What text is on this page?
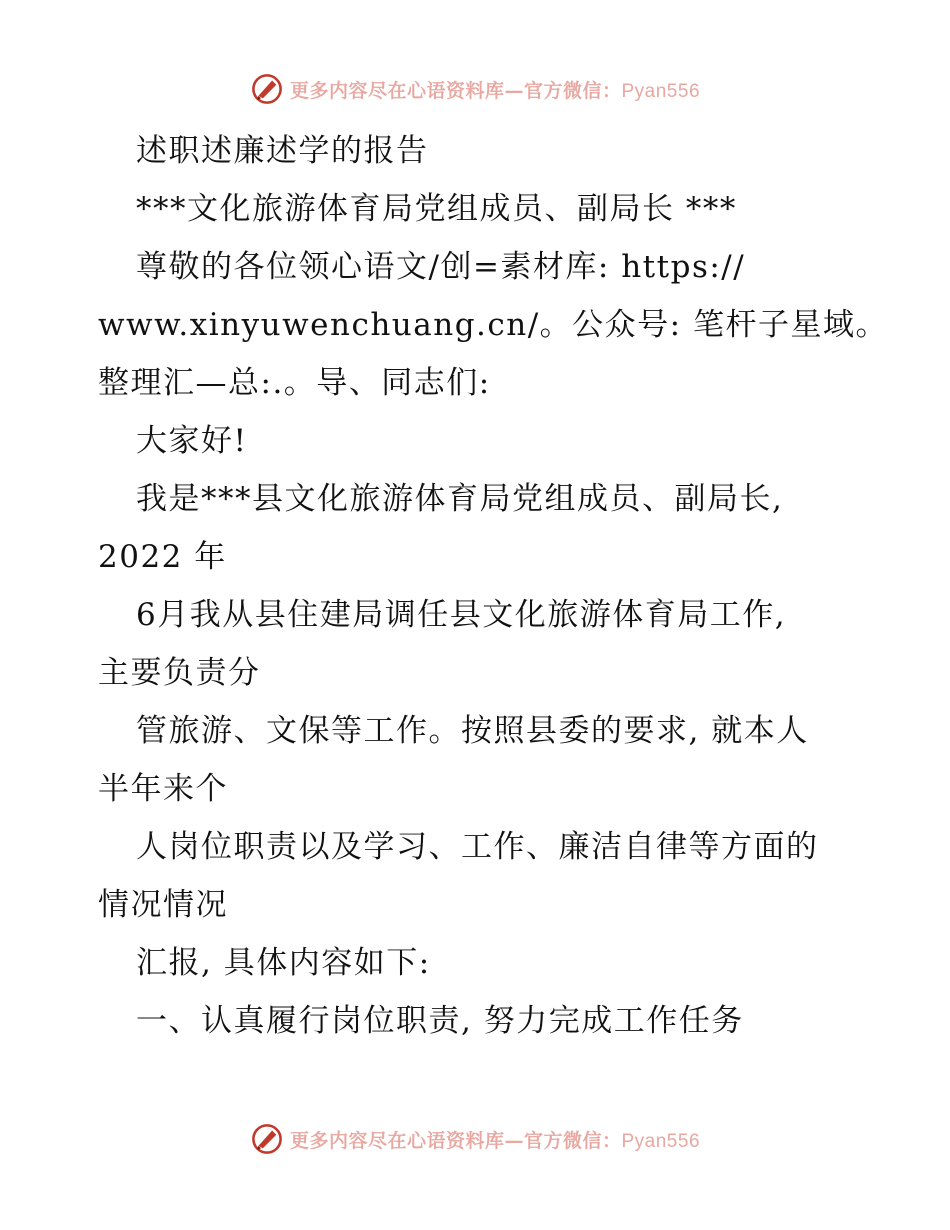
更多内容尽在心语资料库—官方微信：Pyan556
述职述廉述学的报告
***文化旅游体育局党组成员、副局长 ***
尊敬的各位领心语文/创=素材库: https://
www.xinyuwenchuang.cn/。公众号: 笔杆子星域。
整理汇—总:.。导、同志们:
大家好!
我是***县文化旅游体育局党组成员、副局长,
2022 年
6月我从县住建局调任县文化旅游体育局工作,
主要负责分
管旅游、文保等工作。按照县委的要求, 就本人
半年来个
人岗位职责以及学习、工作、廉洁自律等方面的
情况情况
汇报, 具体内容如下:
一、认真履行岗位职责, 努力完成工作任务
更多内容尽在心语资料库—官方微信：Pyan556
